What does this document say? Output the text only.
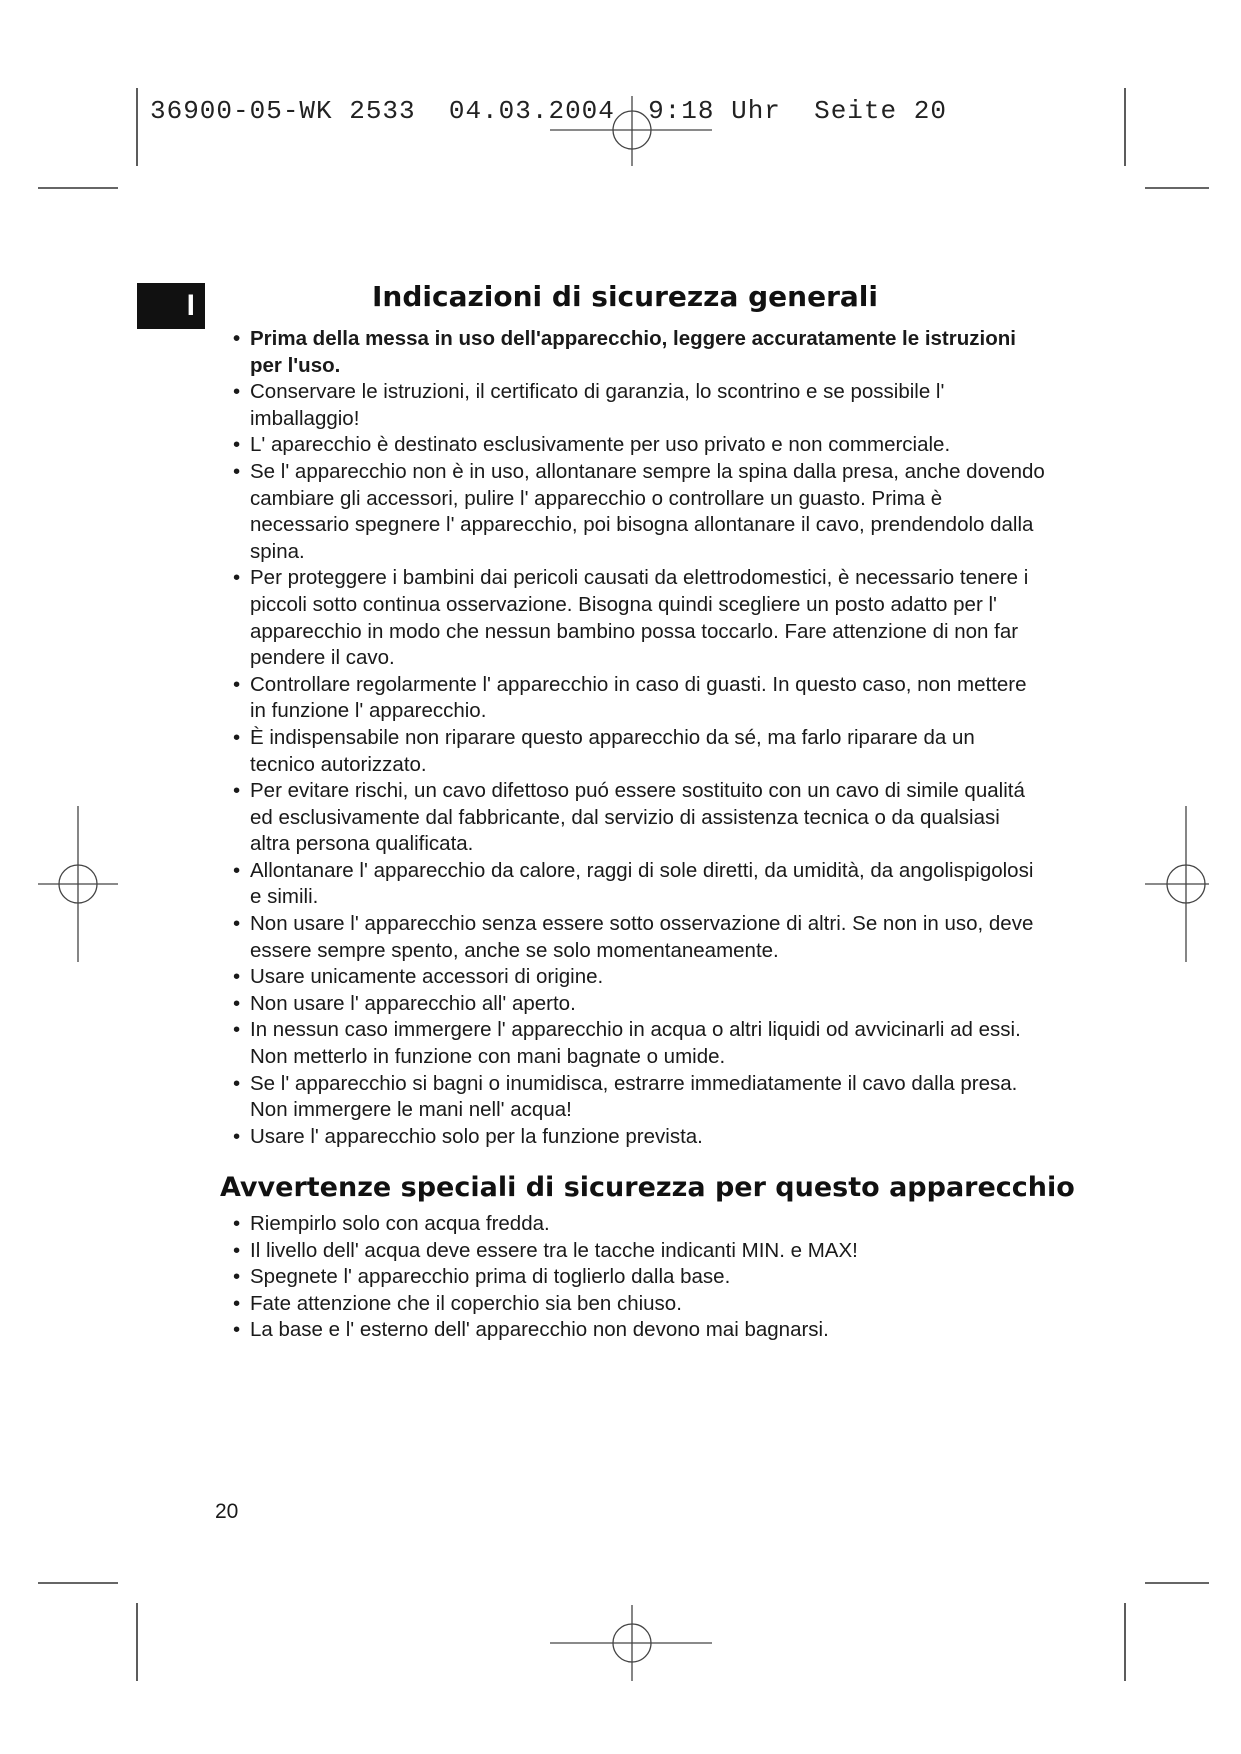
36900-05-WK 2533  04.03.2004  9:18 Uhr  Seite 20
I	Indicazioni di sicurezza generali
• Prima della messa in uso dell'apparecchio, leggere accuratamente le istruzioni per l'uso.
• Conservare le istruzioni, il certificato di garanzia, lo scontrino e se possibile l' imballaggio!
• L' aparecchio è destinato esclusivamente per uso privato e non commerciale.
• Se l' apparecchio non è in uso, allontanare sempre la spina dalla presa, anche dovendo cambiare gli accessori, pulire l' apparecchio o controllare un guasto. Prima è necessario spegnere l' apparecchio, poi bisogna allontanare il cavo, prendendolo dalla spina.
• Per proteggere i bambini dai pericoli causati da elettrodomestici, è necessario tenere i piccoli sotto continua osservazione. Bisogna quindi scegliere un posto adatto per l' apparecchio in modo che nessun bambino possa toccarlo. Fare attenzione di non far pendere il cavo.
• Controllare regolarmente l' apparecchio in caso di guasti. In questo caso, non mettere in funzione l' apparecchio.
• È indispensabile non riparare questo apparecchio da sé, ma farlo riparare da un tecnico autorizzato.
• Per evitare rischi, un cavo difettoso puó essere sostituito con un cavo di simile qualitá ed esclusivamente dal fabbricante, dal servizio di assistenza tecnica o da qualsiasi altra persona qualificata.
• Allontanare l' apparecchio da calore, raggi di sole diretti, da umidità, da angolispigolosi e simili.
• Non usare l' apparecchio senza essere sotto osservazione di altri. Se non in uso, deve essere sempre spento, anche se solo momentaneamente.
• Usare unicamente accessori di origine.
• Non usare l' apparecchio all' aperto.
• In nessun caso immergere l' apparecchio in acqua o altri liquidi od avvicinarli ad essi. Non metterlo in funzione con mani bagnate o umide.
• Se l' apparecchio si bagni o inumidisca, estrarre immediatamente il cavo dalla presa. Non immergere le mani nell' acqua!
• Usare l' apparecchio solo per la funzione prevista.
Avvertenze speciali di sicurezza per questo apparecchio
• Riempirlo solo con acqua fredda.
• Il livello dell' acqua deve essere tra le tacche indicanti MIN. e MAX!
• Spegnete l' apparecchio prima di toglierlo dalla base.
• Fate attenzione che il coperchio sia ben chiuso.
• La base e l' esterno dell' apparecchio non devono mai bagnarsi.
20
